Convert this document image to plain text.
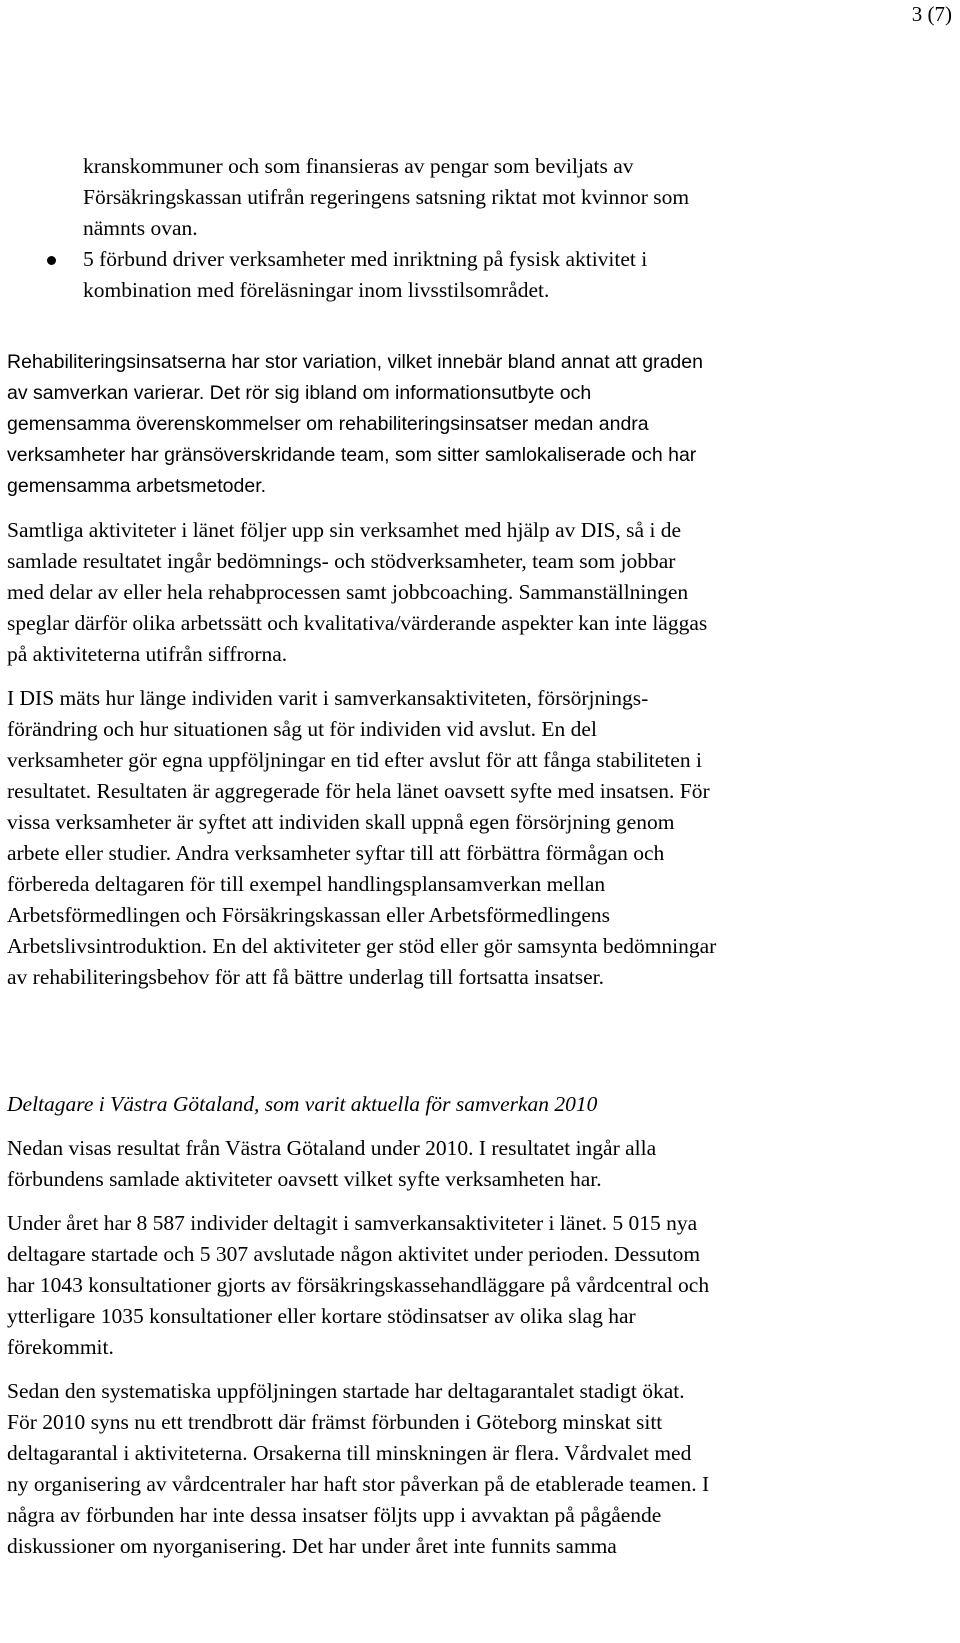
3 (7)
kranskommuner och som finansieras av pengar som beviljats av
Försäkringskassan utifrån regeringens satsning riktat mot kvinnor som
nämnts ovan.
5 förbund driver verksamheter med inriktning på fysisk aktivitet i
kombination med föreläsningar inom livsstilsområdet.
Rehabiliteringsinsatserna har stor variation, vilket innebär bland annat att graden
av samverkan varierar. Det rör sig ibland om informationsutbyte och
gemensamma överenskommelser om rehabiliteringsinsatser medan andra
verksamheter har gränsöverskridande team, som sitter samlokaliserade och har
gemensamma arbetsmetoder.
Samtliga aktiviteter i länet följer upp sin verksamhet med hjälp av DIS, så i de
samlade resultatet ingår bedömnings- och stödverksamheter, team som jobbar
med delar av eller hela rehabprocessen samt jobbcoaching. Sammanställningen
speglar därför olika arbetssätt och kvalitativa/värderande aspekter kan inte läggas
på aktiviteterna utifrån siffrorna.
I DIS mäts hur länge individen varit i samverkansaktiviteten, försörjnings-
förändring och hur situationen såg ut för individen vid avslut. En del
verksamheter gör egna uppföljningar en tid efter avslut för att fånga stabiliteten i
resultatet. Resultaten är aggregerade för hela länet oavsett syfte med insatsen. För
vissa verksamheter är syftet att individen skall uppnå egen försörjning genom
arbete eller studier. Andra verksamheter syftar till att förbättra förmågan och
förbereda deltagaren för till exempel handlingsplansamverkan mellan
Arbetsförmedlingen och Försäkringskassan eller Arbetsförmedlingens
Arbetslivsintroduktion. En del aktiviteter ger stöd eller gör samsynta bedömningar
av rehabiliteringsbehov för att få bättre underlag till fortsatta insatser.
Deltagare i Västra Götaland, som varit aktuella för samverkan 2010
Nedan visas resultat från Västra Götaland under 2010. I resultatet ingår alla
förbundens samlade aktiviteter oavsett vilket syfte verksamheten har.
Under året har 8 587 individer deltagit i samverkansaktiviteter i länet. 5 015 nya
deltagare startade och 5 307 avslutade någon aktivitet under perioden. Dessutom
har 1043 konsultationer gjorts av försäkringskassehandläggare på vårdcentral och
ytterligare 1035 konsultationer eller kortare stödinsatser av olika slag har
förekommit.
Sedan den systematiska uppföljningen startade har deltagarantalet stadigt ökat.
För 2010 syns nu ett trendbrott där främst förbunden i Göteborg minskat sitt
deltagarantal i aktiviteterna. Orsakerna till minskningen är flera. Vårdvalet med
ny organisering av vårdcentraler har haft stor påverkan på de etablerade teamen. I
några av förbunden har inte dessa insatser följts upp i avvaktan på pågående
diskussioner om nyorganisering. Det har under året inte funnits samma
